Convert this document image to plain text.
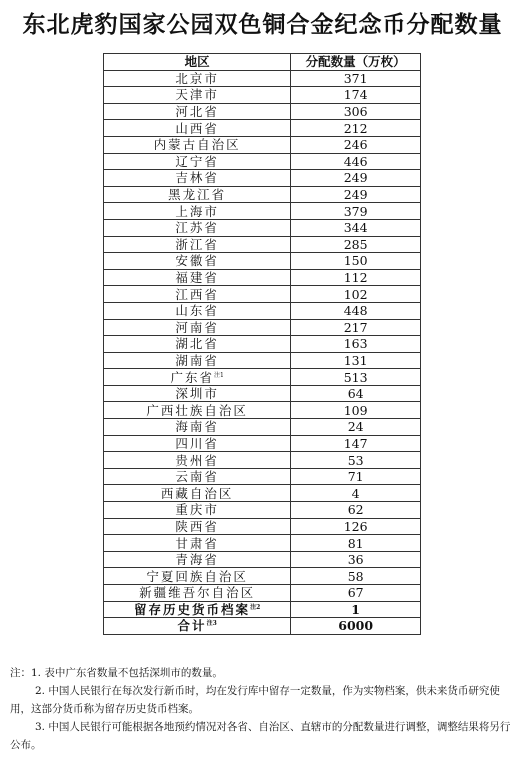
东北虎豹国家公园双色铜合金纪念币分配数量
地区	分配数量（万枚）
北京市	371
天津市	174
河北省	306
山西省	212
内蒙古自治区	246
辽宁省	446
吉林省	249
黑龙江省	249
上海市	379
江苏省	344
浙江省	285
安徽省	150
福建省	112
江西省	102
山东省	448
河南省	217
湖北省	163
湖南省	131
广东省$^{注1}$	513
深圳市	64
广西壮族自治区	109
海南省	24
四川省	147
贵州省	53
云南省	71
西藏自治区	4
重庆市	62
陕西省	126
甘肃省	81
青海省	36
宁夏回族自治区	58
新疆维吾尔自治区	67
留存历史货币档案$^{注2}$	1
合计$^{注3}$	6000

注：1. 表中广东省数量不包括深圳市的数量。

2. 中国人民银行在每次发行新币时，均在发行库中留存一定数量，作为实物档案，供未来货币研究使用，这部分货币称为留存历史货币档案。

3. 中国人民银行可能根据各地预约情况对各省、自治区、直辖市的分配数量进行调整，调整结果将另行公布。
